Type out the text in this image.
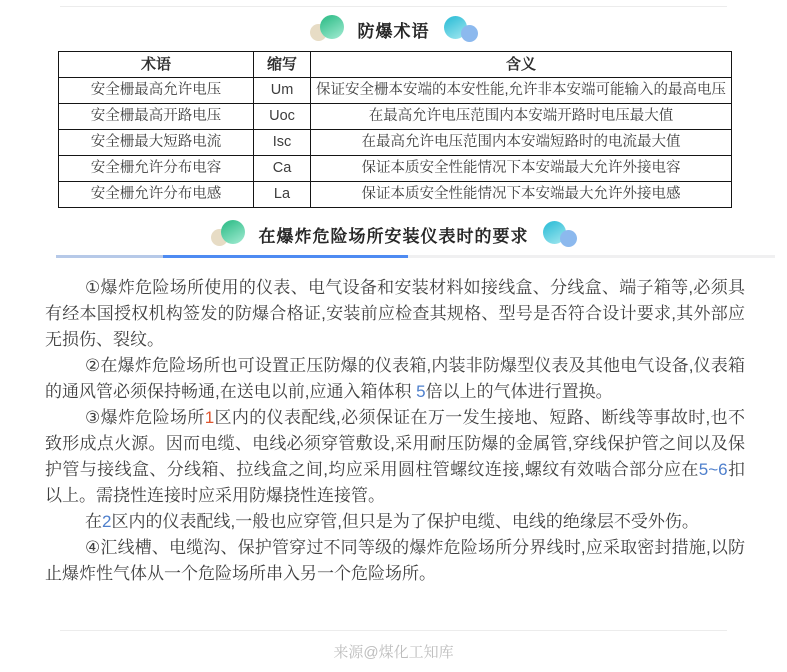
防爆术语
术语	缩写	含义
安全栅最高允许电压	Um	保证安全栅本安端的本安性能,允许非本安端可能输入的最高电压
安全栅最高开路电压	Uoc	在最高允许电压范围内本安端开路时电压最大值
安全栅最大短路电流	Isc	在最高允许电压范围内本安端短路时的电流最大值
安全栅允许分布电容	Ca	保证本质安全性能情况下本安端最大允许外接电容
安全栅允许分布电感	La	保证本质安全性能情况下本安端最大允许外接电感
在爆炸危险场所安装仪表时的要求

①爆炸危险场所使用的仪表、电气设备和安装材料如接线盒、分线盒、端子箱等,必须具有经本国授权机构签发的防爆合格证,安装前应检查其规格、型号是否符合设计要求,其外部应无损伤、裂纹。

②在爆炸危险场所也可设置正压防爆的仪表箱,内装非防爆型仪表及其他电气设备,仪表箱的通风管必须保持畅通,在送电以前,应通入箱体积 5倍以上的气体进行置换。

③爆炸危险场所1区内的仪表配线,必须保证在万一发生接地、短路、断线等事故时,也不致形成点火源。因而电缆、电线必须穿管敷设,采用耐压防爆的金属管,穿线保护管之间以及保护管与接线盒、分线箱、拉线盒之间,均应采用圆柱管螺纹连接,螺纹有效啮合部分应在5~6扣以上。需挠性连接时应采用防爆挠性连接管。

在2区内的仪表配线,一般也应穿管,但只是为了保护电缆、电线的绝缘层不受外伤。

④汇线槽、电缆沟、保护管穿过不同等级的爆炸危险场所分界线时,应采取密封措施,以防止爆炸性气体从一个危险场所串入另一个危险场所。

来源@煤化工知库
